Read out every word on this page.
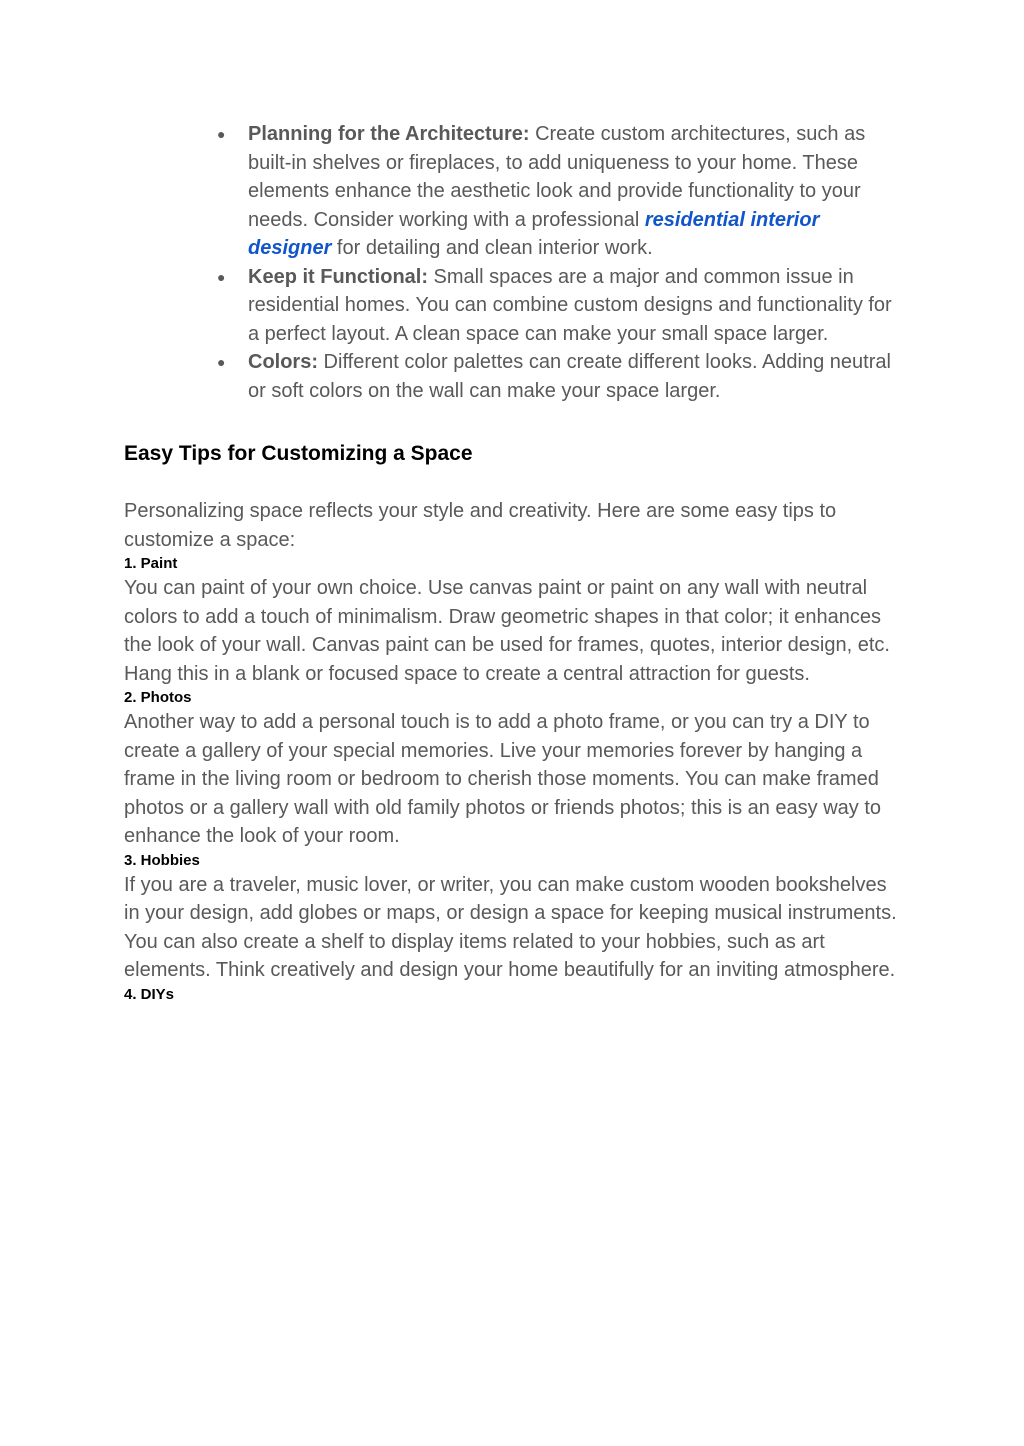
● Planning for the Architecture: Create custom architectures, such as built-in shelves or fireplaces, to add uniqueness to your home. These elements enhance the aesthetic look and provide functionality to your needs. Consider working with a professional residential interior designer for detailing and clean interior work.
● Keep it Functional: Small spaces are a major and common issue in residential homes. You can combine custom designs and functionality for a perfect layout. A clean space can make your small space larger.
● Colors: Different color palettes can create different looks. Adding neutral or soft colors on the wall can make your space larger.
Easy Tips for Customizing a Space

Personalizing space reflects your style and creativity. Here are some easy tips to customize a space:

1. Paint

You can paint of your own choice. Use canvas paint or paint on any wall with neutral colors to add a touch of minimalism. Draw geometric shapes in that color; it enhances the look of your wall. Canvas paint can be used for frames, quotes, interior design, etc. Hang this in a blank or focused space to create a central attraction for guests.

2. Photos

Another way to add a personal touch is to add a photo frame, or you can try a DIY to create a gallery of your special memories. Live your memories forever by hanging a frame in the living room or bedroom to cherish those moments. You can make framed photos or a gallery wall with old family photos or friends photos; this is an easy way to enhance the look of your room.

3. Hobbies

If you are a traveler, music lover, or writer, you can make custom wooden bookshelves in your design, add globes or maps, or design a space for keeping musical instruments. You can also create a shelf to display items related to your hobbies, such as art elements. Think creatively and design your home beautifully for an inviting atmosphere.

4. DIYs
